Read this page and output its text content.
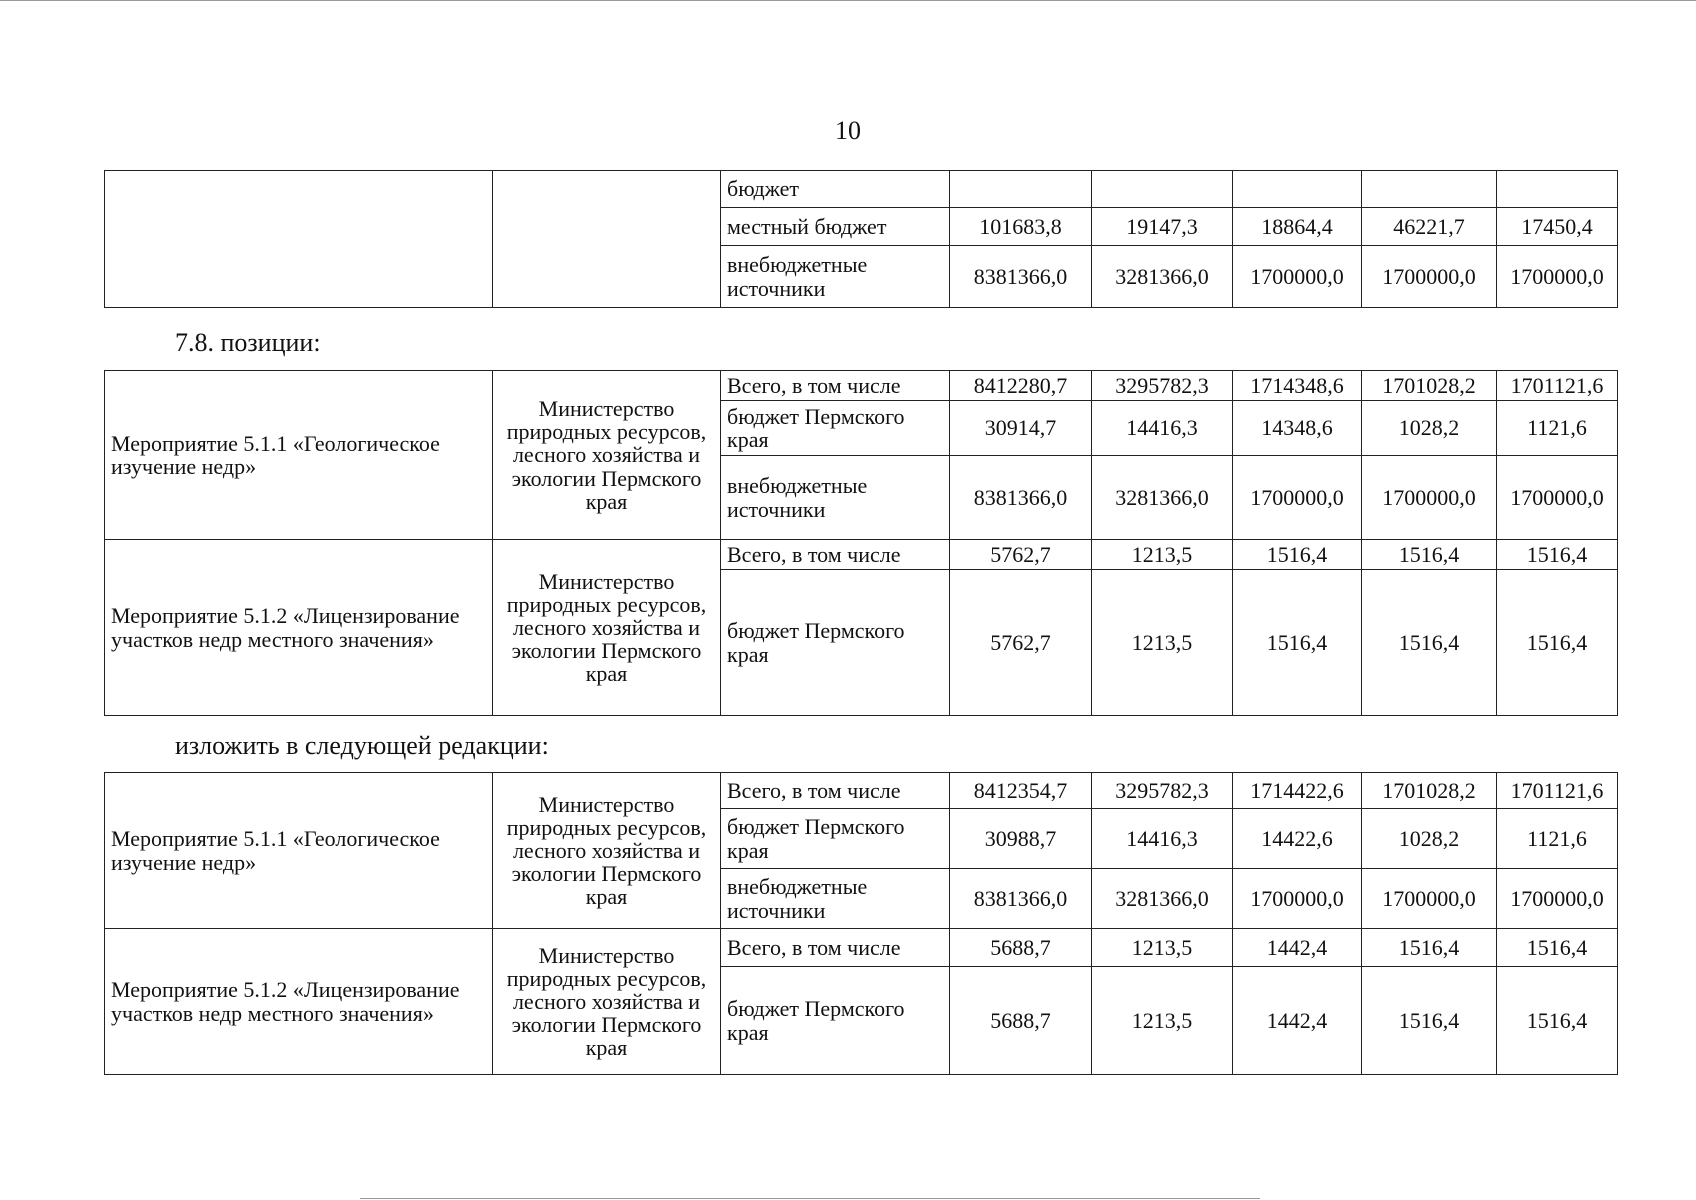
10
		бюджет					
		местный бюджет	101683,8	19147,3	18864,4	46221,7	17450,4
		внебюджетные источники	8381366,0	3281366,0	1700000,0	1700000,0	1700000,0
7.8. позиции:
Мероприятие 5.1.1 «Геологическое изучение недр»	Министерство природных ресурсов, лесного хозяйства и экологии Пермского края	Всего, в том числе	8412280,7	3295782,3	1714348,6	1701028,2	1701121,6
		бюджет Пермского края	30914,7	14416,3	14348,6	1028,2	1121,6
		внебюджетные источники	8381366,0	3281366,0	1700000,0	1700000,0	1700000,0
Мероприятие 5.1.2 «Лицензирование участков недр местного значения»	Министерство природных ресурсов, лесного хозяйства и экологии Пермского края	Всего, в том числе	5762,7	1213,5	1516,4	1516,4	1516,4
		бюджет Пермского края	5762,7	1213,5	1516,4	1516,4	1516,4
изложить в следующей редакции:
Мероприятие 5.1.1 «Геологическое изучение недр»	Министерство природных ресурсов, лесного хозяйства и экологии Пермского края	Всего, в том числе	8412354,7	3295782,3	1714422,6	1701028,2	1701121,6
		бюджет Пермского края	30988,7	14416,3	14422,6	1028,2	1121,6
		внебюджетные источники	8381366,0	3281366,0	1700000,0	1700000,0	1700000,0
Мероприятие 5.1.2 «Лицензирование участков недр местного значения»	Министерство природных ресурсов, лесного хозяйства и экологии Пермского края	Всего, в том числе	5688,7	1213,5	1442,4	1516,4	1516,4
		бюджет Пермского края	5688,7	1213,5	1442,4	1516,4	1516,4
